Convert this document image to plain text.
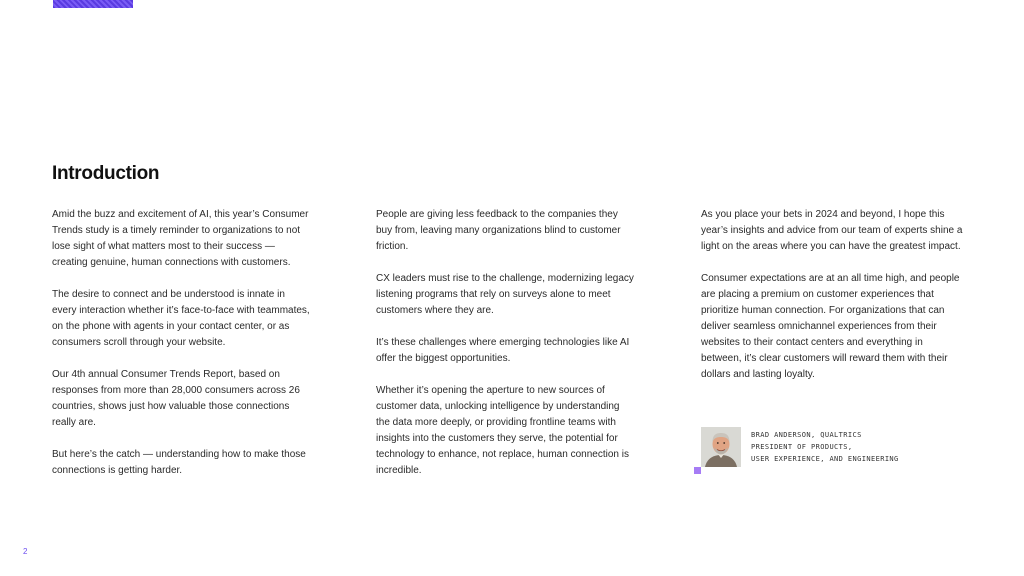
Introduction

Amid the buzz and excitement of AI, this year’s Consumer Trends study is a timely reminder to organizations to not lose sight of what matters most to their success — creating genuine, human connections with customers.

The desire to connect and be understood is innate in every interaction whether it’s face-to-face with teammates, on the phone with agents in your contact center, or as consumers scroll through your website.

Our 4th annual Consumer Trends Report, based on responses from more than 28,000 consumers across 26 countries, shows just how valuable those connections really are.

But here’s the catch — understanding how to make those connections is getting harder.

People are giving less feedback to the companies they buy from, leaving many organizations blind to customer friction.

CX leaders must rise to the challenge, modernizing legacy listening programs that rely on surveys alone to meet customers where they are.

It’s these challenges where emerging technologies like AI offer the biggest opportunities.

Whether it’s opening the aperture to new sources of customer data, unlocking intelligence by understanding the data more deeply, or providing frontline teams with insights into the customers they serve, the potential for technology to enhance, not replace, human connection is incredible.

As you place your bets in 2024 and beyond, I hope this year’s insights and advice from our team of experts shine a light on the areas where you can have the greatest impact.

Consumer expectations are at an all time high, and people are placing a premium on customer experiences that prioritize human connection. For organizations that can deliver seamless omnichannel experiences from their websites to their contact centers and everything in between, it’s clear customers will reward them with their dollars and lasting loyalty.

BRAD ANDERSON, QUALTRICS
PRESIDENT OF PRODUCTS,
USER EXPERIENCE, AND ENGINEERING
2
